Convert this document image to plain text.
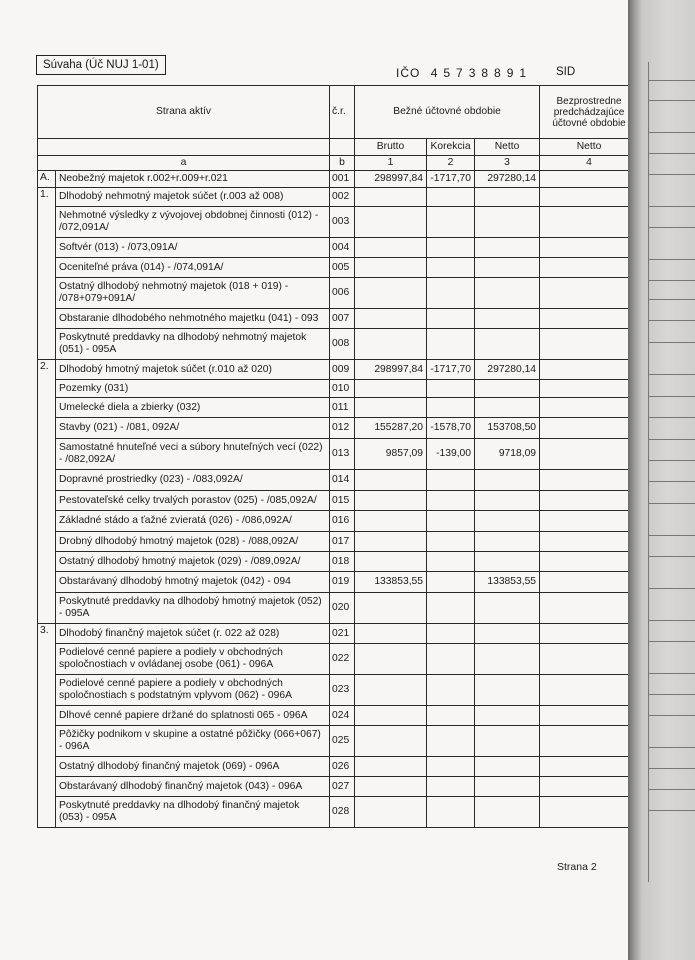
Súvaha (Úč NUJ 1-01)
IČO 45738891 SID
Strana aktív		č.r.	Bežné účtovné obdobie			Bezprostredne predchádzajúce účtovné obdobie
			Brutto	Korekcia	Netto	Netto
a		b	1	2	3	4
A.	Neobežný majetok r.002+r.009+r.021	001	298997,84	-1717,70	297280,14	
1.	Dlhodobý nehmotný majetok súčet (r.003 až 008)	002				
	Nehmotné výsledky z vývojovej obdobnej činnosti (012) - /072,091A/	003				
	Softvér (013) - /073,091A/	004				
	Oceniteľné práva (014) - /074,091A/	005				
	Ostatný dlhodobý nehmotný majetok (018 + 019) - /078+079+091A/	006				
	Obstaranie dlhodobého nehmotného majetku (041) - 093	007				
	Poskytnuté preddavky na dlhodobý nehmotný majetok (051) - 095A	008				
2.	Dlhodobý hmotný majetok súčet (r.010 až 020)	009	298997,84	-1717,70	297280,14	
	Pozemky (031)	010				
	Umelecké diela a zbierky (032)	011				
	Stavby (021) - /081, 092A/	012	155287,20	-1578,70	153708,50	
	Samostatné hnuteľné veci a súbory hnuteľných vecí (022) - /082,092A/	013	9857,09	-139,00	9718,09	
	Dopravné prostriedky (023) - /083,092A/	014				
	Pestovateľské celky trvalých porastov (025) - /085,092A/	015				
	Základné stádo a ťažné zvieratá (026) - /086,092A/	016				
	Drobný dlhodobý hmotný majetok (028) - /088,092A/	017				
	Ostatný dlhodobý hmotný majetok (029) - /089,092A/	018				
	Obstarávaný dlhodobý hmotný majetok (042) - 094	019	133853,55		133853,55	
	Poskytnuté preddavky na dlhodobý hmotný majetok (052) - 095A	020				
3.	Dlhodobý finančný majetok súčet (r. 022 až 028)	021				
	Podielové cenné papiere a podiely v obchodných spoločnostiach v ovládanej osobe (061) - 096A	022				
	Podielové cenné papiere a podiely v obchodných spoločnostiach s podstatným vplyvom (062) - 096A	023				
	Dlhové cenné papiere držané do splatnosti 065 - 096A	024				
	Pôžičky podnikom v skupine a ostatné pôžičky (066+067) - 096A	025				
	Ostatný dlhodobý finančný majetok (069) - 096A	026				
	Obstarávaný dlhodobý finančný majetok (043) - 096A	027				
	Poskytnuté preddavky na dlhodobý finančný majetok (053) - 095A	028				
Strana 2
